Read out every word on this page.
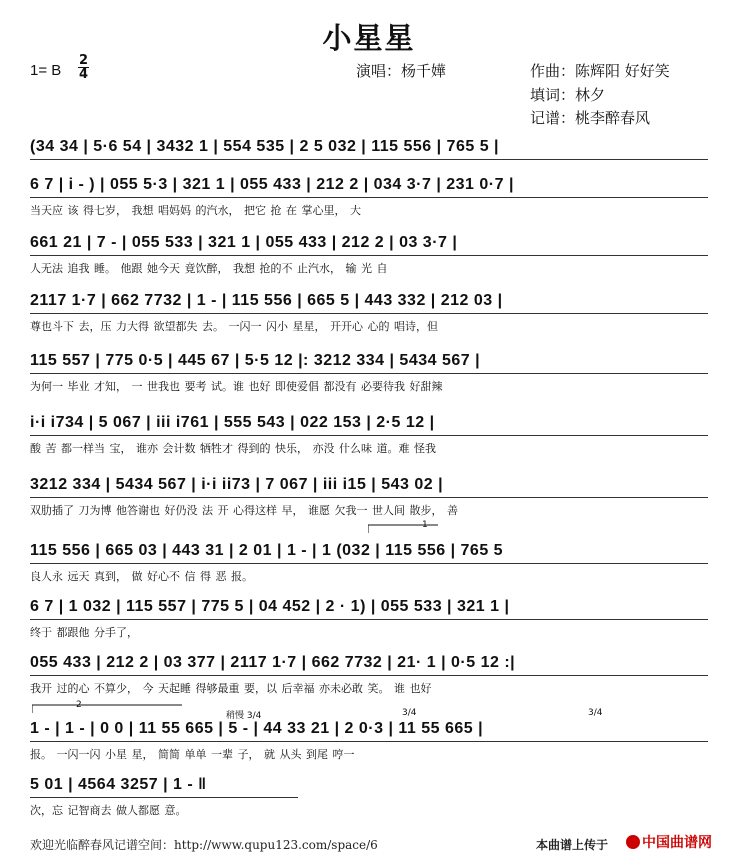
小星星
1= B
2
4	演唱：杨千嬅	作曲：陈辉阳 好好笑
填词：林夕
记谱：桃李醉春风
(34 34 | 5·6 54 | 3432 1 | 554 535 | 2 5 032 | 115 556 | 765 5 |
6 7 | i - ) | 055 5·3 | 321 1 | 055 433 | 212 2 | 034 3·7 | 231 0·7 |
当天应 该 得七岁， 我想 唱妈妈 的汽水， 把它 抢 在 掌心里， 大
661 21 | 7 - | 055 533 | 321 1 | 055 433 | 212 2 | 03 3·7 |
人无法 追我 睡。 他跟 她今天 竟饮醉， 我想 抢的不 止汽水， 输 光 自
2117 1·7 | 662 7732 | 1 - | 115 556 | 665 5 | 443 332 | 212 03 |
尊也斗下 去，压 力大得 欲望都失 去。 一闪一 闪小 星星， 开开心 心的 唱诗，但
115 557 | 775 0·5 | 445 67 | 5·5 12 |: 3212 334 | 5434 567 |
为何一 毕业 才知， 一 世我也 要考 试。谁 也好 即使爱倡 都没有 必要待我 好甜辣
i·i i734 | 5 067 | iii i761 | 555 543 | 022 153 | 2·5 12 |
酸 苦 都一样当 宝， 谁亦 会计数 牺牲才 得到的 快乐， 亦没 什么味 道。难 怪我
3212 334 | 5434 567 | i·i ii73 | 7 067 | iii i15 | 543 02 |
双肋插了 刀为博 他答谢也 好仍没 法 开 心得这样 早， 谁愿 欠我一 世人间 散步， 善
1
115 556 | 665 03 | 443 31 | 2 01 | 1 - | 1 (032 | 115 556 | 765 5
良人永 远天 真到， 做 好心不 信 得 恶 报。
6 7 | 1 032 | 115 557 | 775 5 | 04 452 | 2 · 1) | 055 533 | 321 1 |
终于 都跟他 分手了，
055 433 | 212 2 | 03 377 | 2117 1·7 | 662 7732 | 21· 1 | 0·5 12 :|
我开 过的心 不算少， 今 天起睡 得够最重 要，以 后幸福 亦未必敢 笑。 谁 也好
2
稍慢 3/4	3/4	3/4
1 - | 1 - | 0 0 | 11 55 665 | 5 - | 44 33 21 | 2 0·3 | 11 55 665 |
报。 一闪一闪 小星 星， 简简 单单 一辈 子， 就 从头 到尾 哼一
5 01 | 4564 3257 | 1 - ‖
次，忘 记智商去 做人都愿 意。
欢迎光临醉春风记谱空间：http://www.qupu123.com/space/6	本曲谱上传于	中国曲谱网
